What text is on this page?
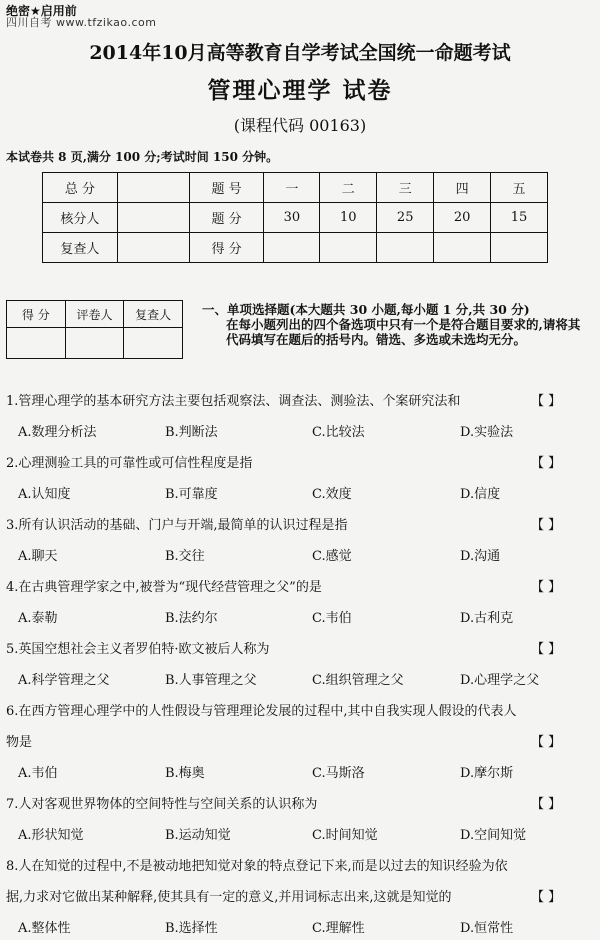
绝密★启用前
四川自考 www.tfzikao.com
2014年10月高等教育自学考试全国统一命题考试
管理心理学 试卷
(课程代码 00163)
本试卷共 8 页,满分 100 分;考试时间 150 分钟。
总 分		题 号	一	二	三	四	五
核分人		题 分	30	10	25	20	15
复查人		得 分					
得 分	评卷人	复查人
		一、单项选择题(本大题共 30 小题,每小题 1 分,共 30 分)
在每小题列出的四个备选项中只有一个是符合题目要求的,请将其代码填写在题后的括号内。错选、多选或未选均无分。
1.管理心理学的基本研究方法主要包括观察法、调查法、测验法、个案研究法和	【 】
A.数理分析法	B.判断法	C.比较法	D.实验法
2.心理测验工具的可靠性或可信性程度是指	【 】
A.认知度	B.可靠度	C.效度	D.信度
3.所有认识活动的基础、门户与开端,最简单的认识过程是指	【 】
A.聊天	B.交往	C.感觉	D.沟通
4.在古典管理学家之中,被誉为“现代经营管理之父”的是	【 】
A.泰勒	B.法约尔	C.韦伯	D.古利克
5.英国空想社会主义者罗伯特·欧文被后人称为	【 】
A.科学管理之父	B.人事管理之父	C.组织管理之父	D.心理学之父
6.在西方管理心理学中的人性假设与管理理论发展的过程中,其中自我实现人假设的代表人
物是	【 】
A.韦伯	B.梅奥	C.马斯洛	D.摩尔斯
7.人对客观世界物体的空间特性与空间关系的认识称为	【 】
A.形状知觉	B.运动知觉	C.时间知觉	D.空间知觉
8.人在知觉的过程中,不是被动地把知觉对象的特点登记下来,而是以过去的知识经验为依
据,力求对它做出某种解释,使其具有一定的意义,并用词标志出来,这就是知觉的	【 】
A.整体性	B.选择性	C.理解性	D.恒常性
